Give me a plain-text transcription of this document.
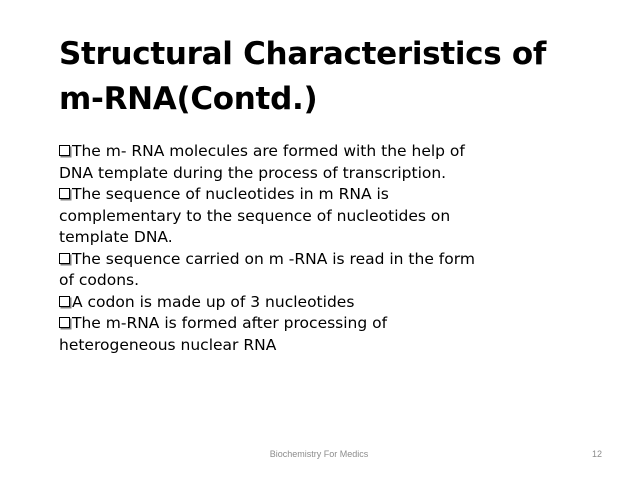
Structural Characteristics of
m-RNA(Contd.)
The m- RNA molecules are formed with the help of
DNA template during the process of transcription.
The sequence of nucleotides in m RNA is
complementary to the sequence of nucleotides on
template DNA.
The sequence carried on m -RNA is read in the form
of codons.
A codon is made up of 3 nucleotides
The m-RNA is formed after processing of
heterogeneous nuclear RNA
Biochemistry For Medics	12
